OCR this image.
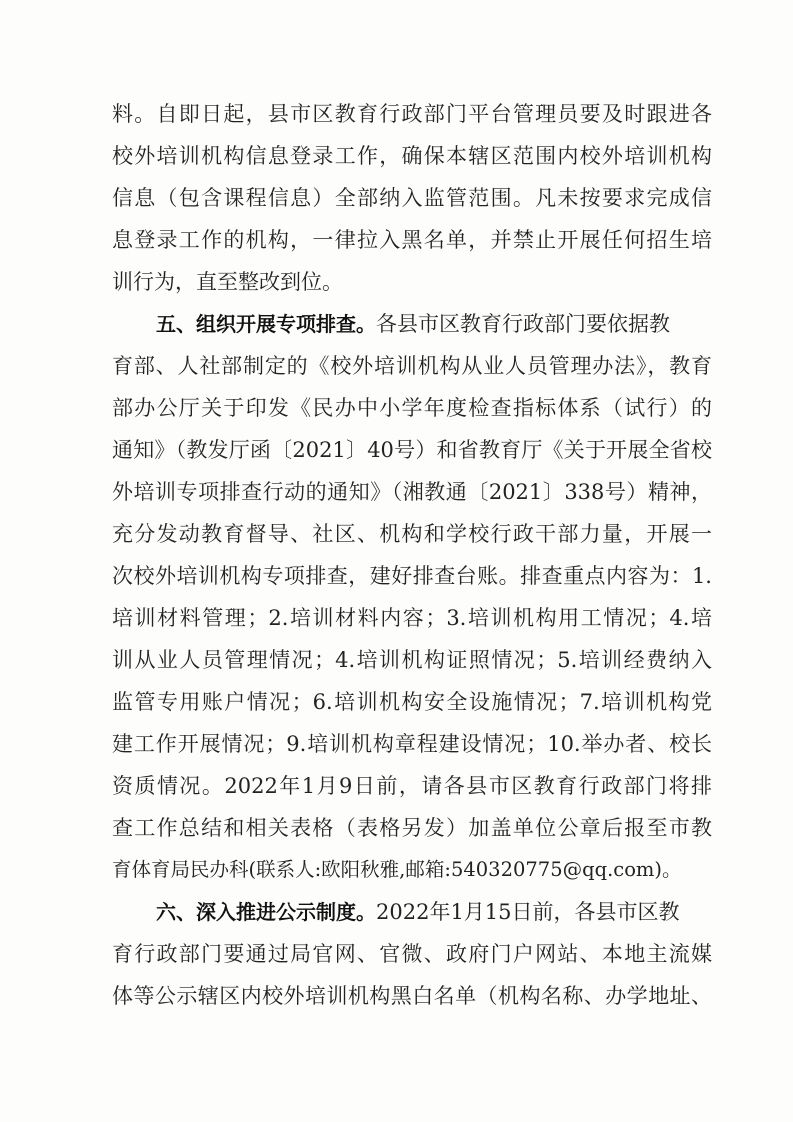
料。自即日起，县市区教育行政部门平台管理员要及时跟进各
校外培训机构信息登录工作，确保本辖区范围内校外培训机构
信息（包含课程信息）全部纳入监管范围。凡未按要求完成信
息登录工作的机构，一律拉入黑名单，并禁止开展任何招生培
训行为，直至整改到位。
五、组织开展专项排查。各县市区教育行政部门要依据教
育部、人社部制定的《校外培训机构从业人员管理办法》，教育
部办公厅关于印发《民办中小学年度检查指标体系（试行）的
通知》（教发厅函〔2021〕40号）和省教育厅《关于开展全省校
外培训专项排查行动的通知》（湘教通〔2021〕338号）精神，
充分发动教育督导、社区、机构和学校行政干部力量，开展一
次校外培训机构专项排查，建好排查台账。排查重点内容为：1.
培训材料管理；2.培训材料内容；3.培训机构用工情况；4.培
训从业人员管理情况；4.培训机构证照情况；5.培训经费纳入
监管专用账户情况；6.培训机构安全设施情况；7.培训机构党
建工作开展情况；9.培训机构章程建设情况；10.举办者、校长
资质情况。2022年1月9日前，请各县市区教育行政部门将排
查工作总结和相关表格（表格另发）加盖单位公章后报至市教
育体育局民办科(联系人:欧阳秋雅,邮箱:540320775@qq.com)。
六、深入推进公示制度。2022年1月15日前，各县市区教
育行政部门要通过局官网、官微、政府门户网站、本地主流媒
体等公示辖区内校外培训机构黑白名单（机构名称、办学地址、
